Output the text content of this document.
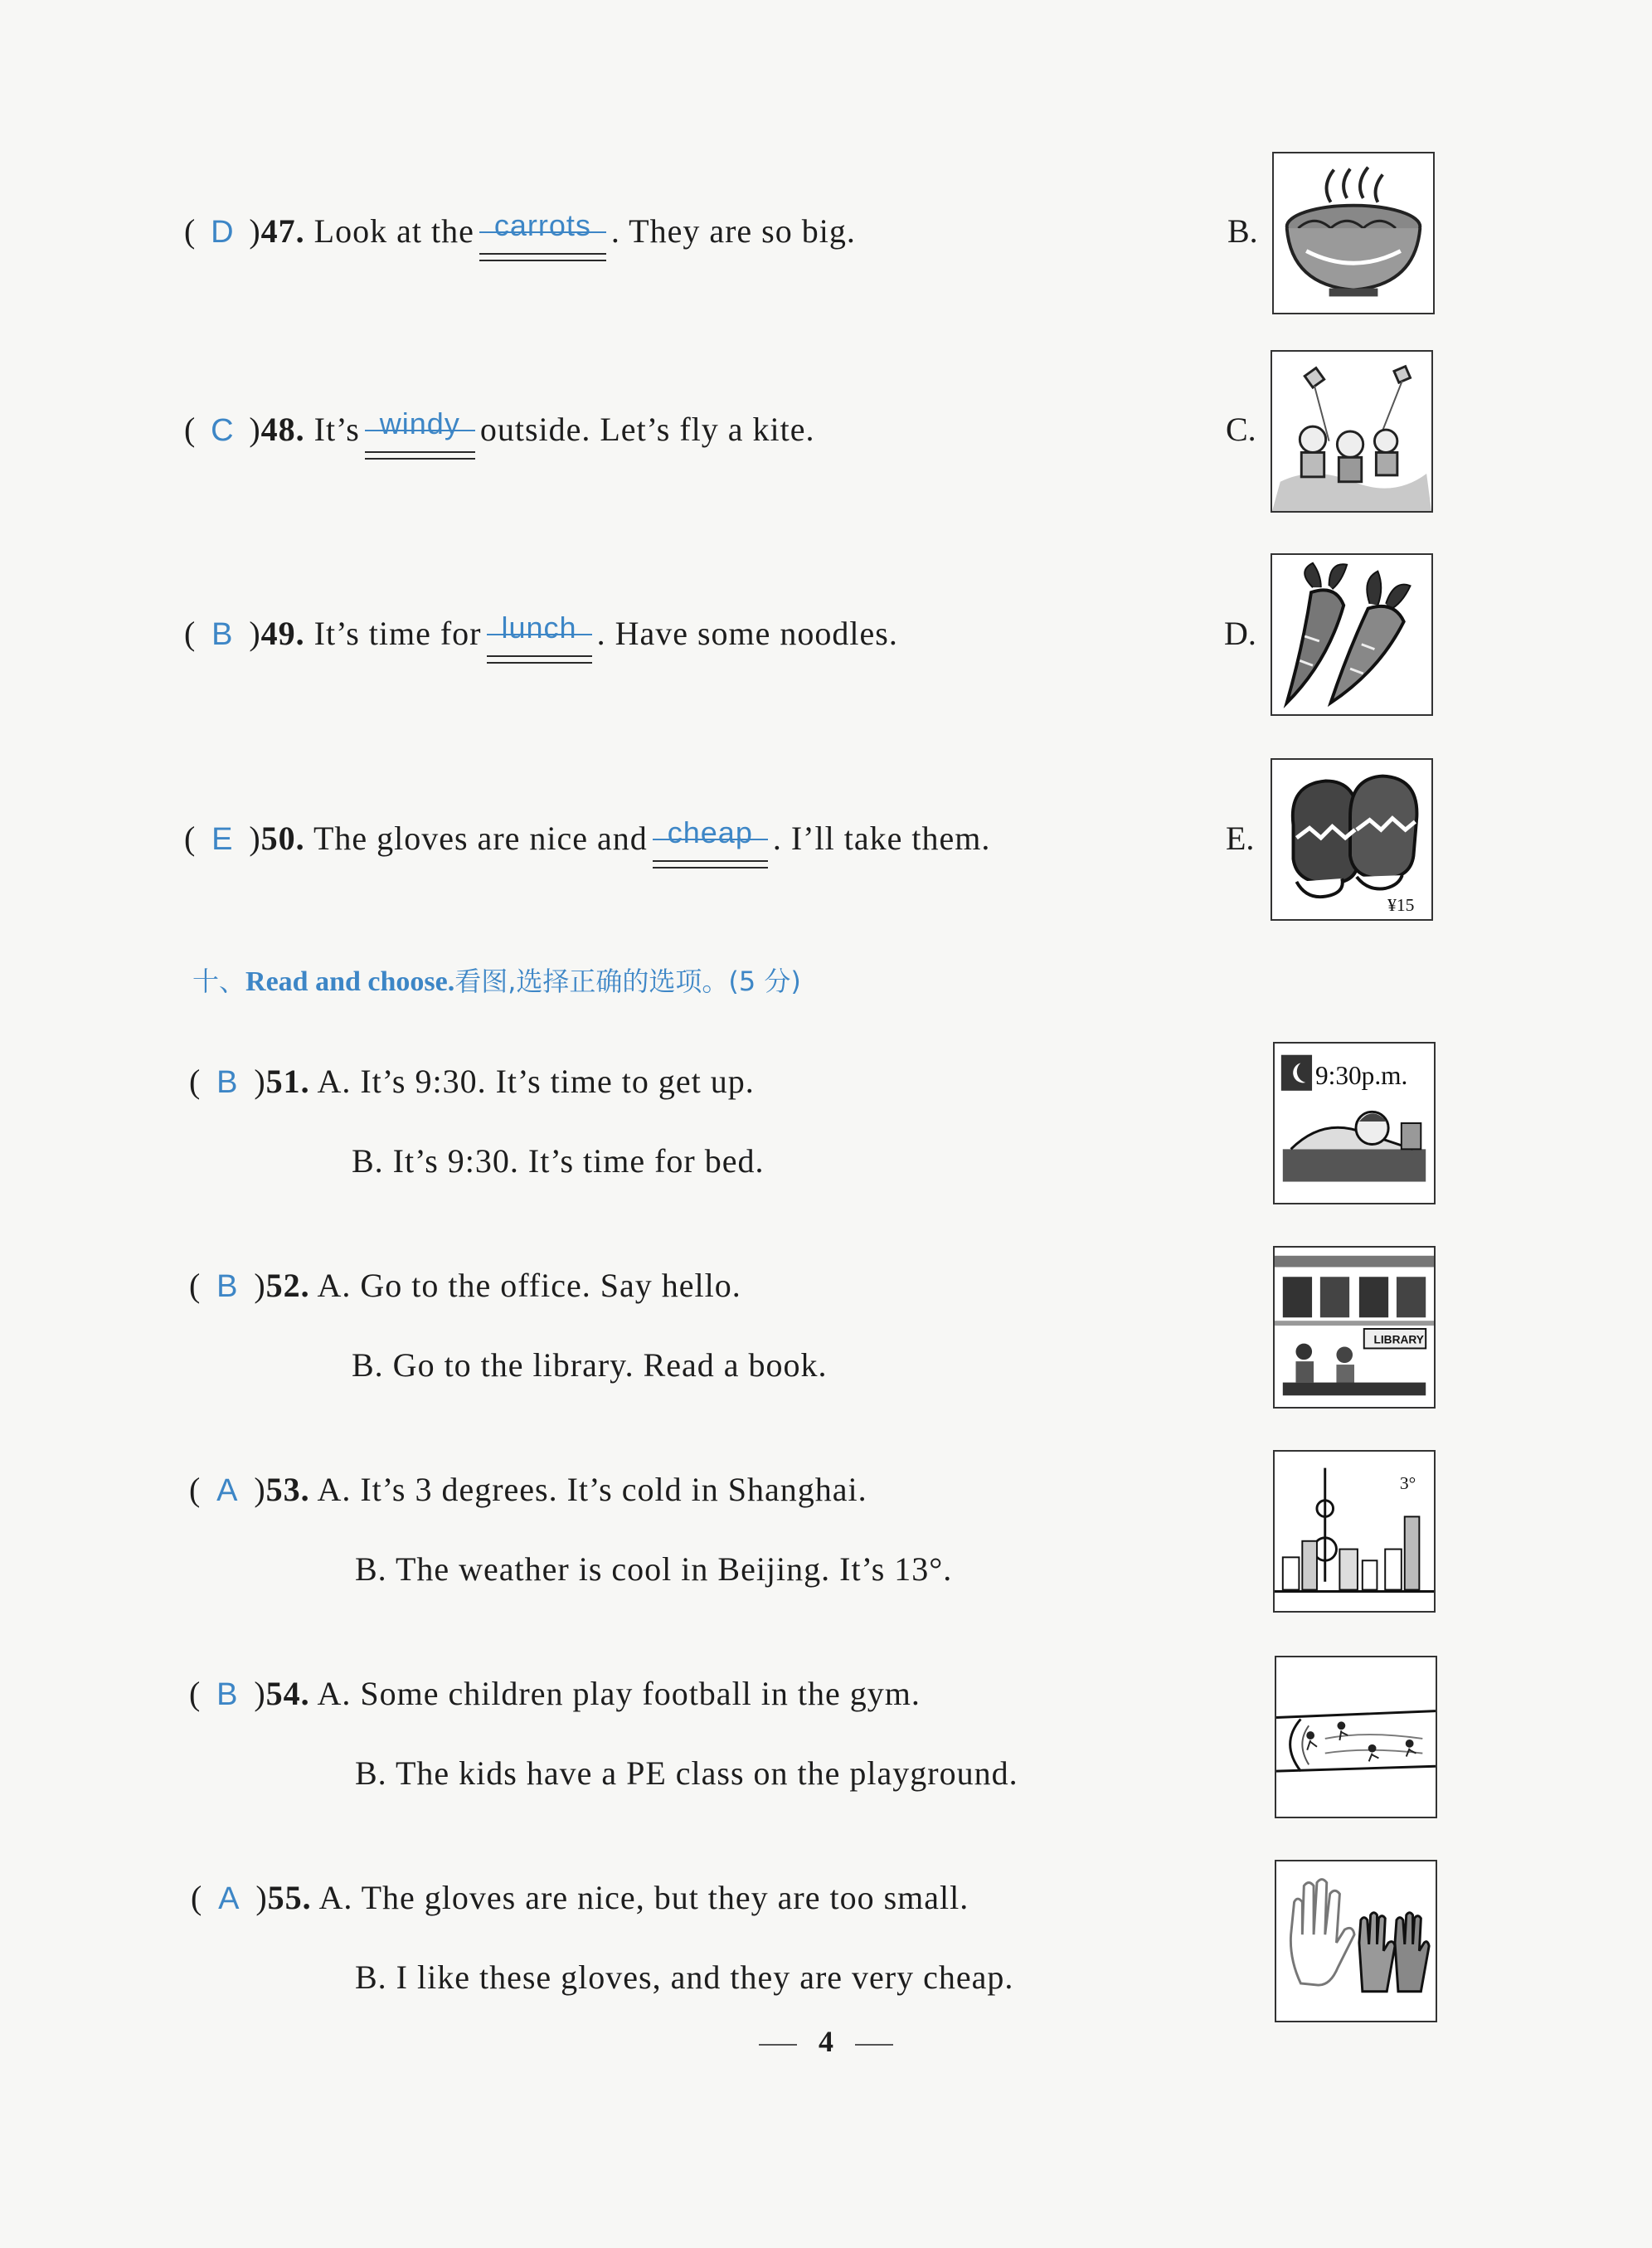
( D )47. Look at the carrots . They are so big.
( C )48. It’s windy outside. Let’s fly a kite.
( B )49. It’s time for lunch . Have some noodles.
( E )50. The gloves are nice and cheap . I’ll take them.
B.
C.
D.
E.
¥15
十、Read and choose.看图,选择正确的选项。(5 分)
( B )51. A. It’s 9:30. It’s time to get up.
B. It’s 9:30. It’s time for bed.
9:30p.m.
( B )52. A. Go to the office. Say hello.
B. Go to the library. Read a book.
LIBRARY
( A )53. A. It’s 3 degrees. It’s cold in Shanghai.
B. The weather is cool in Beijing. It’s 13°.
3°
( B )54. A. Some children play football in the gym.
B. The kids have a PE class on the playground.
( A )55. A. The gloves are nice, but they are too small.
B. I like these gloves, and they are very cheap.
4
